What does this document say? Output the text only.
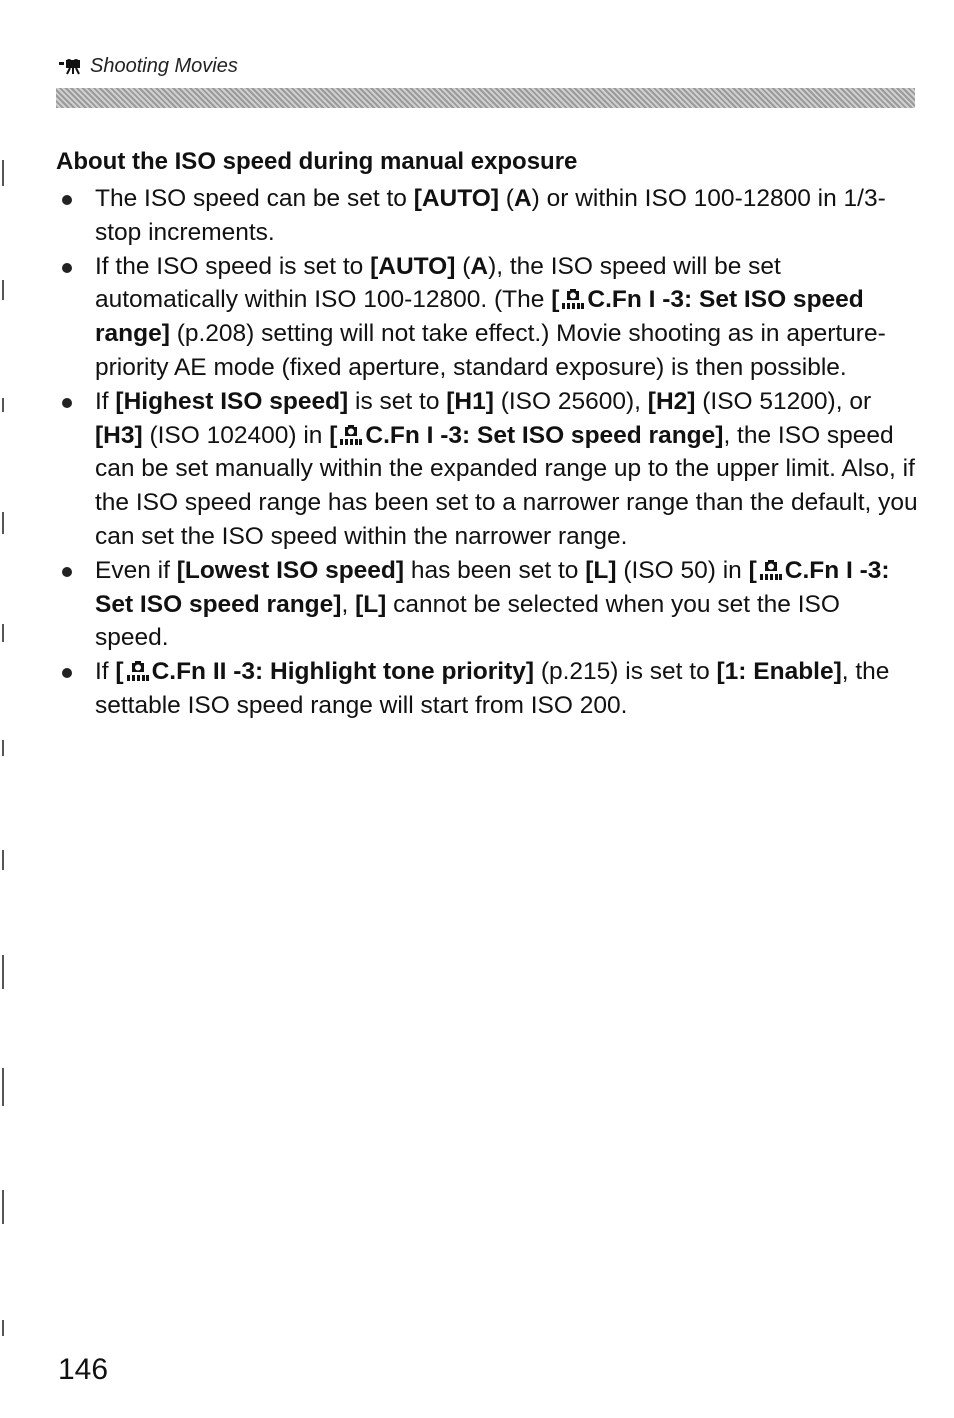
Shooting Movies
About the ISO speed during manual exposure
The ISO speed can be set to [AUTO] (A) or within ISO 100-12800 in 1/3-stop increments.
If the ISO speed is set to [AUTO] (A), the ISO speed will be set automatically within ISO 100-12800. (The [ C.Fn I -3: Set ISO speed range] (p.208) setting will not take effect.) Movie shooting as in aperture-priority AE mode (fixed aperture, standard exposure) is then possible.
If [Highest ISO speed] is set to [H1] (ISO 25600), [H2] (ISO 51200), or [H3] (ISO 102400) in [ C.Fn I -3: Set ISO speed range], the ISO speed can be set manually within the expanded range up to the upper limit. Also, if the ISO speed range has been set to a narrower range than the default, you can set the ISO speed within the narrower range.
Even if [Lowest ISO speed] has been set to [L] (ISO 50) in [ C.Fn I -3: Set ISO speed range], [L] cannot be selected when you set the ISO speed.
If [ C.Fn II -3: Highlight tone priority] (p.215) is set to [1: Enable], the settable ISO speed range will start from ISO 200.
146
